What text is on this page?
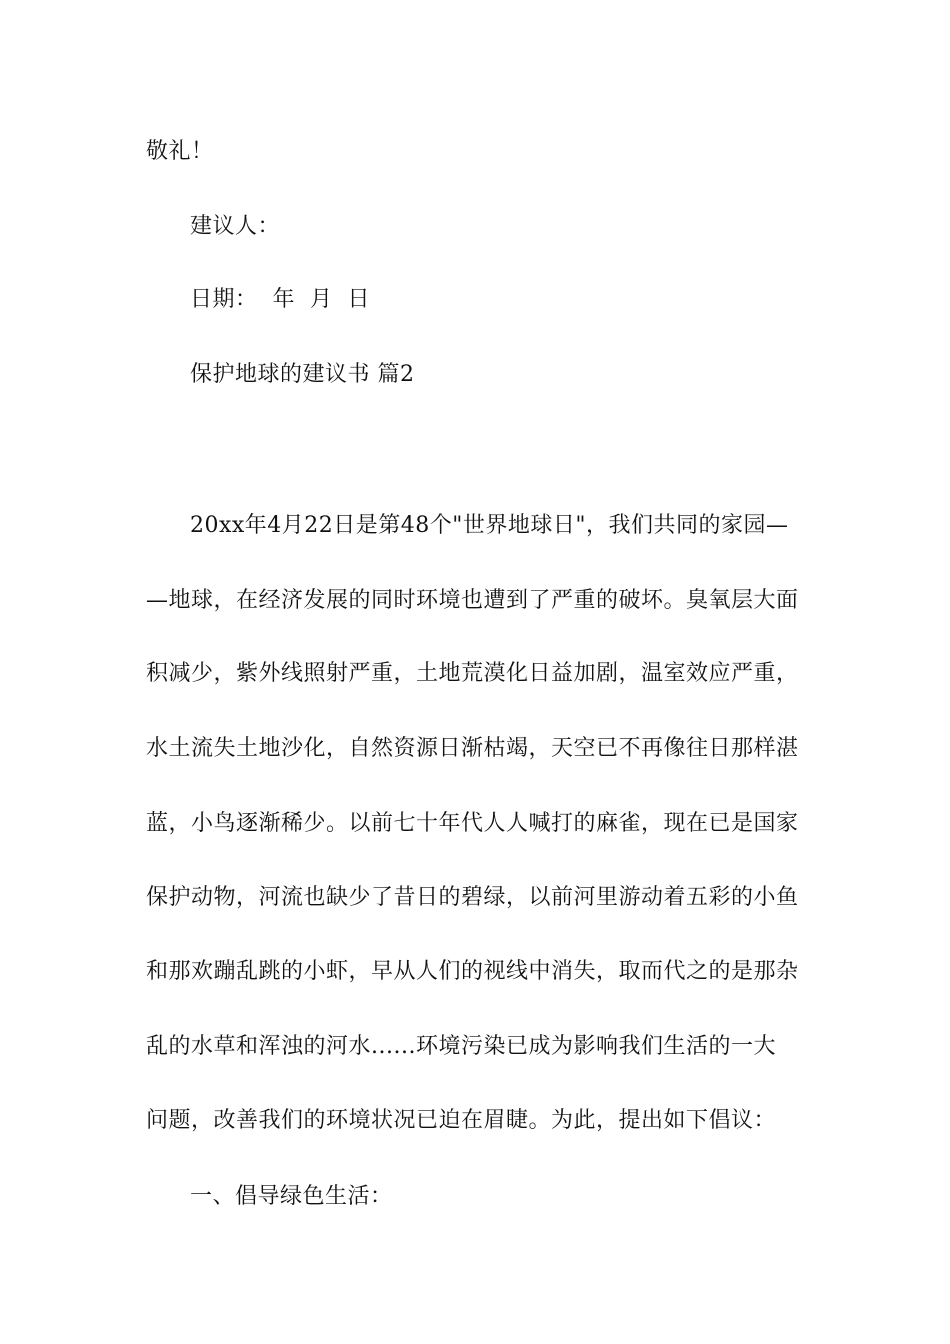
敬礼！
建议人：
日期：  年  月  日
保护地球的建议书 篇2
20xx年4月22日是第48个"世界地球日"，我们共同的家园—
—地球，在经济发展的同时环境也遭到了严重的破坏。臭氧层大面
积减少，紫外线照射严重，土地荒漠化日益加剧，温室效应严重，
水土流失土地沙化，自然资源日渐枯竭，天空已不再像往日那样湛
蓝，小鸟逐渐稀少。以前七十年代人人喊打的麻雀，现在已是国家
保护动物，河流也缺少了昔日的碧绿，以前河里游动着五彩的小鱼
和那欢蹦乱跳的小虾，早从人们的视线中消失，取而代之的是那杂
乱的水草和浑浊的河水......环境污染已成为影响我们生活的一大
问题，改善我们的环境状况已迫在眉睫。为此，提出如下倡议：
一、倡导绿色生活：
